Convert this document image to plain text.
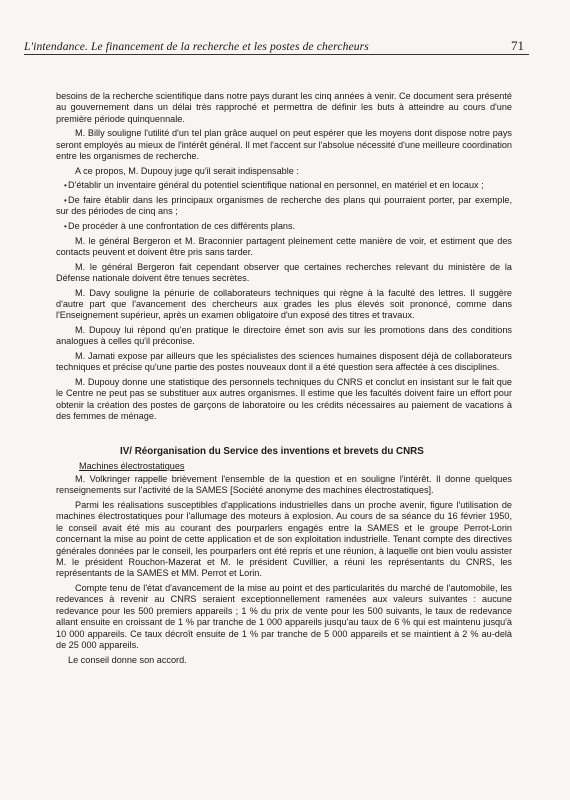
L'intendance. Le financement de la recherche et les postes de chercheurs	71

besoins de la recherche scientifique dans notre pays durant les cinq années à venir. Ce document sera présenté au gouvernement dans un délai très rapproché et permettra de définir les buts à atteindre au cours d'une première période quinquennale.

M. Billy souligne l'utilité d'un tel plan grâce auquel on peut espérer que les moyens dont dispose notre pays seront employés au mieux de l'intérêt général. Il met l'accent sur l'absolue nécessité d'une meilleure coordination entre les organismes de recherche.

A ce propos, M. Dupouy juge qu'il serait indispensable :

•D'établir un inventaire général du potentiel scientifique national en personnel, en matériel et en locaux ;

•De faire établir dans les principaux organismes de recherche des plans qui pourraient porter, par exemple, sur des périodes de cinq ans ;

•De procéder à une confrontation de ces différents plans.

M. le général Bergeron et M. Braconnier partagent pleinement cette manière de voir, et estiment que des contacts peuvent et doivent être pris sans tarder.

M. le général Bergeron fait cependant observer que certaines recherches relevant du ministère de la Défense nationale doivent être tenues secrètes.

M. Davy souligne la pénurie de collaborateurs techniques qui règne à la faculté des lettres. Il suggère d'autre part que l'avancement des chercheurs aux grades les plus élevés soit prononcé, comme dans l'Enseignement supérieur, après un examen obligatoire d'un exposé des titres et travaux.

M. Dupouy lui répond qu'en pratique le directoire émet son avis sur les promotions dans des conditions analogues à celles qu'il préconise.

M. Jamati expose par ailleurs que les spécialistes des sciences humaines disposent déjà de collaborateurs techniques et précise qu'une partie des postes nouveaux dont il a été question sera affectée à ces disciplines.

M. Dupouy donne une statistique des personnels techniques du CNRS et conclut en insistant sur le fait que le Centre ne peut pas se substituer aux autres organismes. Il estime que les facultés doivent faire un effort pour obtenir la création des postes de garçons de laboratoire ou les crédits nécessaires au paiement de vacations à des femmes de ménage.

IV/ Réorganisation du Service des inventions et brevets du CNRS
Machines électrostatiques

M. Volkringer rappelle brièvement l'ensemble de la question et en souligne l'intérêt. Il donne quelques renseignements sur l'activité de la SAMES [Société anonyme des machines électrostatiques].

Parmi les réalisations susceptibles d'applications industrielles dans un proche avenir, figure l'utilisation de machines électrostatiques pour l'allumage des moteurs à explosion. Au cours de sa séance du 16 février 1950, le conseil avait été mis au courant des pourparlers engagés entre la SAMES et le groupe Perrot-Lorin concernant la mise au point de cette application et de son exploitation industrielle. Tenant compte des directives générales données par le conseil, les pourparlers ont été repris et une réunion, à laquelle ont bien voulu assister M. le président Rouchon-Mazerat et M. le président Cuvillier, a réuni les représentants du CNRS, les représentants de la SAMES et MM. Perrot et Lorin.

Compte tenu de l'état d'avancement de la mise au point et des particularités du marché de l'automobile, les redevances à revenir au CNRS seraient exceptionnellement ramenées aux valeurs suivantes : aucune redevance pour les 500 premiers appareils ; 1 % du prix de vente pour les 500 suivants, le taux de redevance allant ensuite en croissant de 1 % par tranche de 1 000 appareils jusqu'au taux de 6 % qui est maintenu jusqu'à 10 000 appareils. Ce taux décroît ensuite de 1 % par tranche de 5 000 appareils et se maintient à 2 % au-delà de 25 000 appareils.

Le conseil donne son accord.
